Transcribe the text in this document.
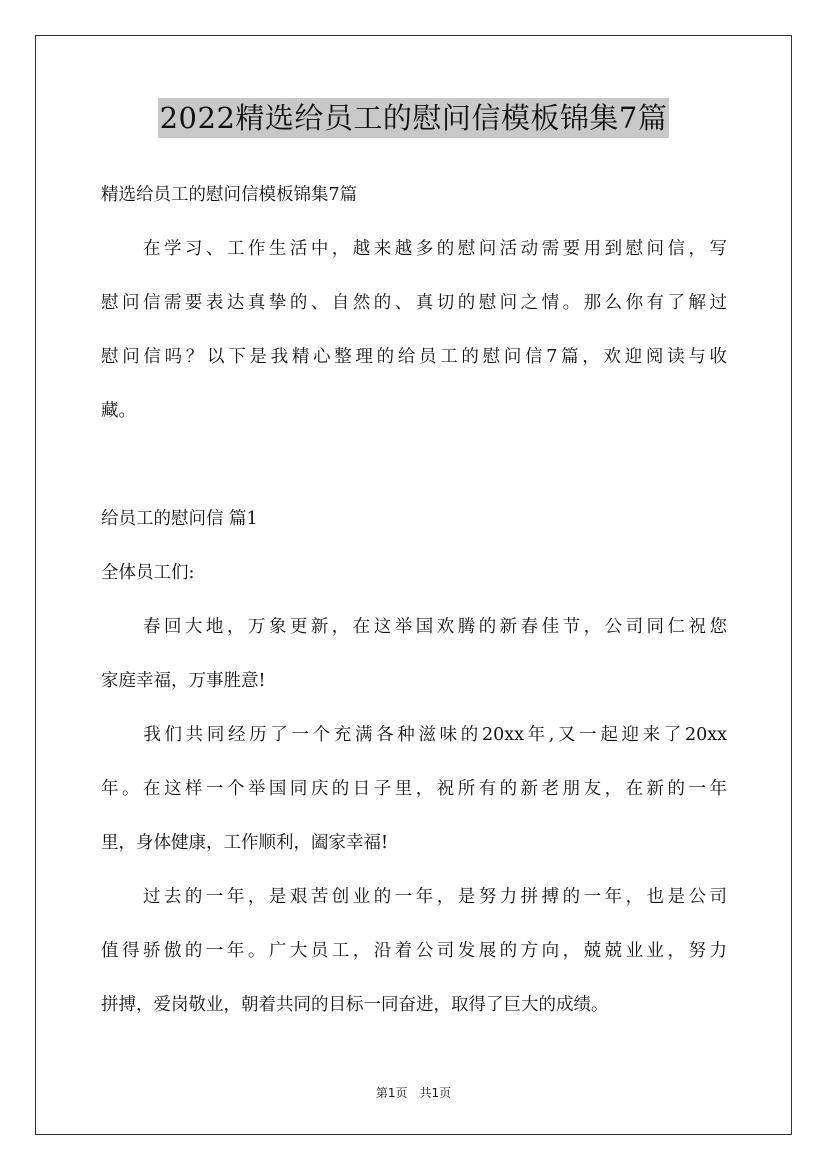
2022精选给员工的慰问信模板锦集7篇
精选给员工的慰问信模板锦集7篇
　　在学习、工作生活中，越来越多的慰问活动需要用到慰问信，写
慰问信需要表达真挚的、自然的、真切的慰问之情。那么你有了解过
慰问信吗？以下是我精心整理的给员工的慰问信7篇，欢迎阅读与收
藏。
给员工的慰问信 篇1
全体员工们:
　　春回大地，万象更新，在这举国欢腾的新春佳节，公司同仁祝您
家庭幸福，万事胜意!
　　我们共同经历了一个充满各种滋味的20xx年,又一起迎来了20xx
年。在这样一个举国同庆的日子里，祝所有的新老朋友，在新的一年
里，身体健康，工作顺利，阖家幸福!
　　过去的一年，是艰苦创业的一年，是努力拼搏的一年，也是公司
值得骄傲的一年。广大员工，沿着公司发展的方向，兢兢业业，努力
拼搏，爱岗敬业，朝着共同的目标一同奋进，取得了巨大的成绩。
第1页　共1页
